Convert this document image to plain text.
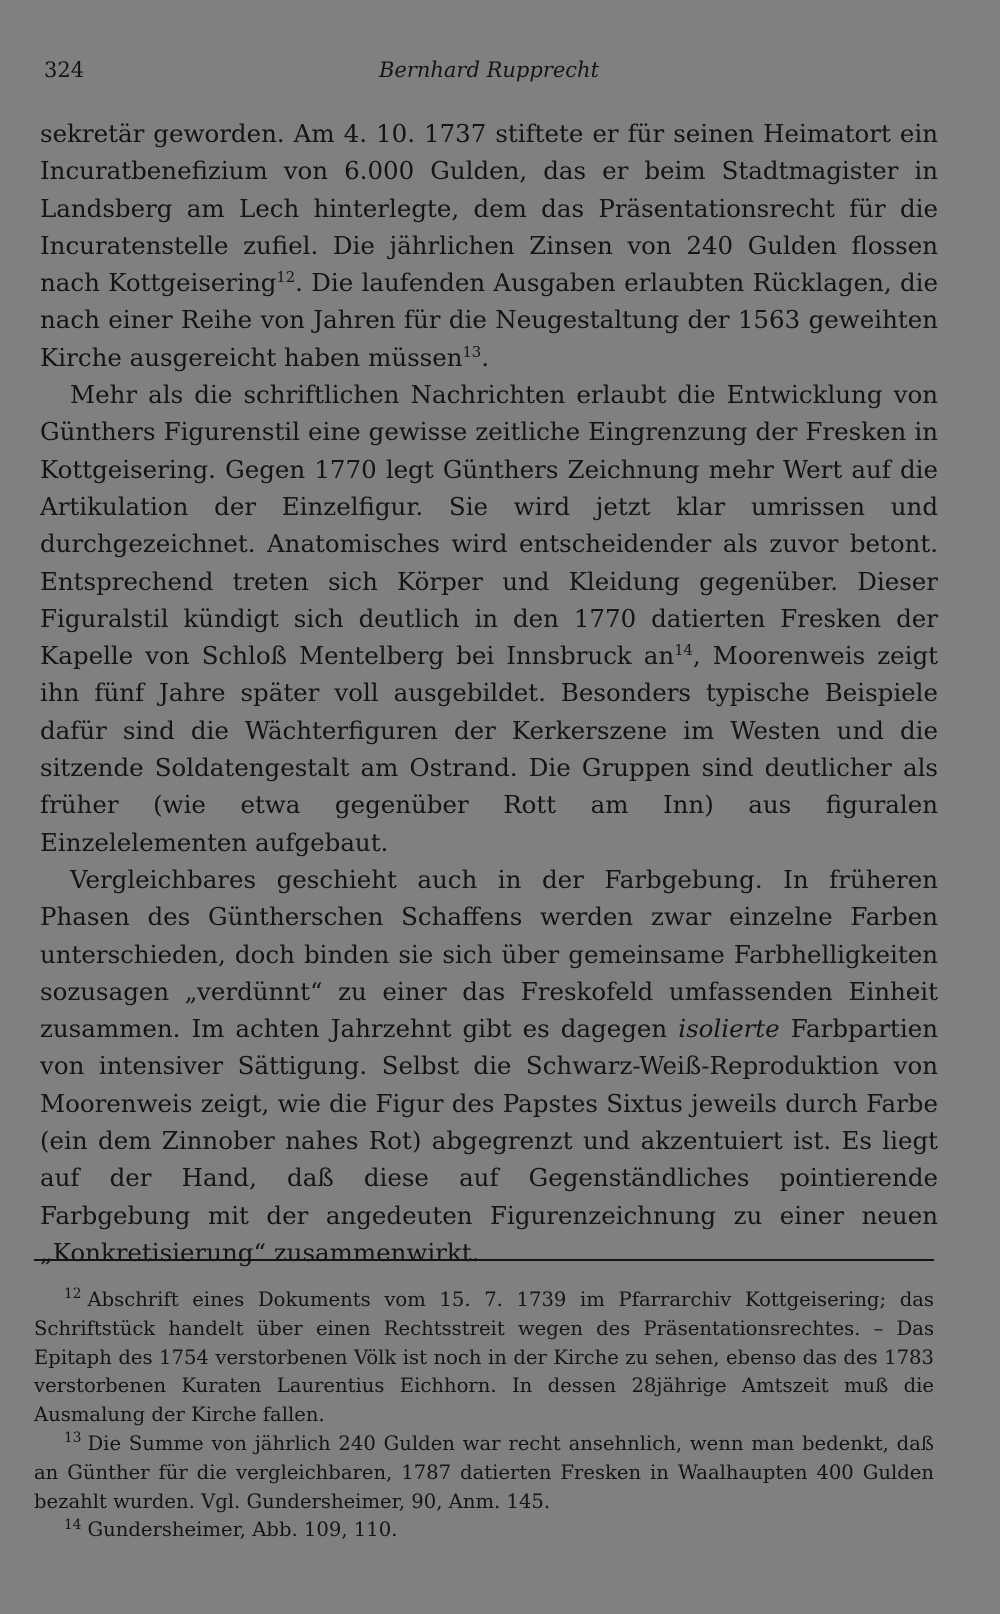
324	Bernhard Rupprecht

sekretär geworden. Am 4. 10. 1737 stiftete er für seinen Heimatort ein Incuratbenefizium von 6.000 Gulden, das er beim Stadtmagister in Landsberg am Lech hinterlegte, dem das Präsentationsrecht für die Incuratenstelle zufiel. Die jährlichen Zinsen von 240 Gulden flossen nach Kottgeisering$^{12}$. Die laufenden Ausgaben erlaubten Rücklagen, die nach einer Reihe von Jahren für die Neugestaltung der 1563 geweihten Kirche ausgereicht haben müssen$^{13}$.

Mehr als die schriftlichen Nachrichten erlaubt die Entwicklung von Günthers Figurenstil eine gewisse zeitliche Eingrenzung der Fresken in Kottgeisering. Gegen 1770 legt Günthers Zeichnung mehr Wert auf die Artikulation der Einzelfigur. Sie wird jetzt klar umrissen und durchgezeichnet. Anatomisches wird entscheidender als zuvor betont. Entsprechend treten sich Körper und Kleidung gegenüber. Dieser Figuralstil kündigt sich deutlich in den 1770 datierten Fresken der Kapelle von Schloß Mentelberg bei Innsbruck $an^{14}$, Moorenweis zeigt ihn fünf Jahre später voll ausgebildet. Besonders typische Beispiele dafür sind die Wächterfiguren der Kerkerszene im Westen und die sitzende Soldatengestalt am Ostrand. Die Gruppen sind deutlicher als früher (wie etwa gegenüber Rott am Inn) aus figuralen Einzelelementen aufgebaut.

Vergleichbares geschieht auch in der Farbgebung. In früheren Phasen des Güntherschen Schaffens werden zwar einzelne Farben unterschieden, doch binden sie sich über gemeinsame Farbhelligkeiten sozusagen „verdünnt“ zu einer das Freskofeld umfassenden Einheit zusammen. Im achten Jahrzehnt gibt es dagegen isolierte Farbpartien von intensiver Sättigung. Selbst die Schwarz-Weiß-Reproduktion von Moorenweis zeigt, wie die Figur des Papstes Sixtus jeweils durch Farbe (ein dem Zinnober nahes Rot) abgegrenzt und akzentuiert ist. Es liegt auf der Hand, daß diese auf Gegenständliches pointierende Farbgebung mit der angedeuten Figurenzeichnung zu einer neuen „Konkretisierung“ zusammenwirkt.

$^{12}$ Abschrift eines Dokuments vom 15. 7. 1739 im Pfarrarchiv Kottgeisering; das Schriftstück handelt über einen Rechtsstreit wegen des Präsentationsrechtes. – Das Epitaph des 1754 verstorbenen Völk ist noch in der Kirche zu sehen, ebenso das des 1783 verstorbenen Kuraten Laurentius Eichhorn. In dessen 28jährige Amtszeit muß die Ausmalung der Kirche fallen.

$^{13}$ Die Summe von jährlich 240 Gulden war recht ansehnlich, wenn man bedenkt, daß an Günther für die vergleichbaren, 1787 datierten Fresken in Waalhaupten 400 Gulden bezahlt wurden. Vgl. Gundersheimer, 90, Anm. 145.

$^{14}$ Gundersheimer, Abb. 109, 110.
